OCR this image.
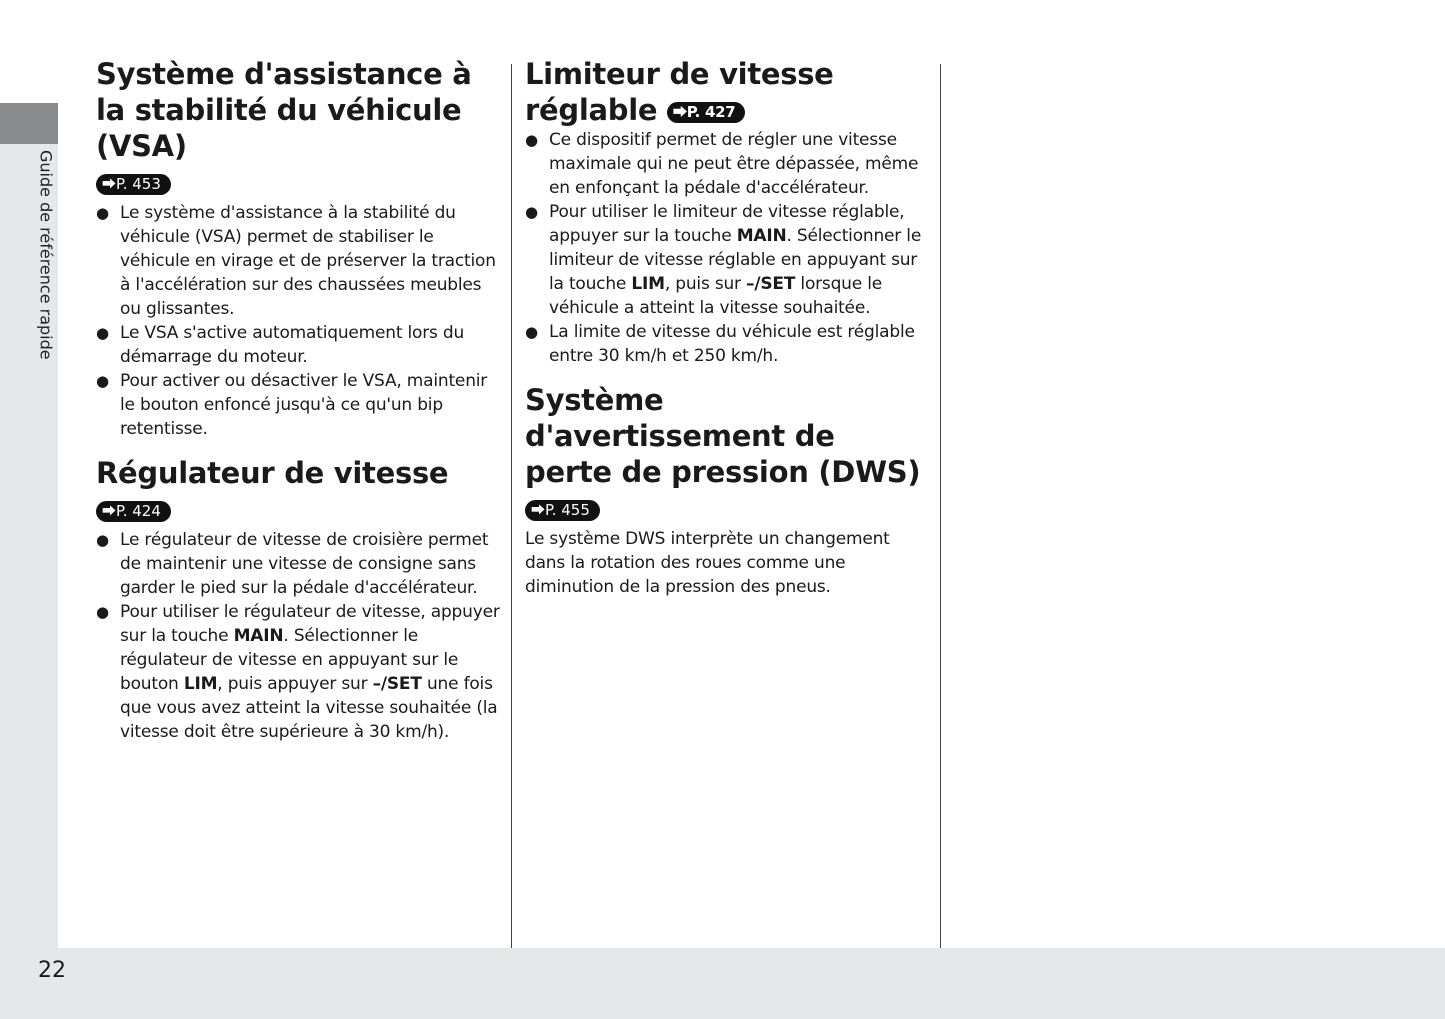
Guide de référence rapide
22
Système d'assistance à la stabilité du véhicule (VSA)
⮕P. 453
● Le système d'assistance à la stabilité du véhicule (VSA) permet de stabiliser le véhicule en virage et de préserver la traction à l'accélération sur des chaussées meubles ou glissantes.
● Le VSA s'active automatiquement lors du démarrage du moteur.
● Pour activer ou désactiver le VSA, maintenir le bouton enfoncé jusqu'à ce qu'un bip retentisse.
Régulateur de vitesse
⮕P. 424
● Le régulateur de vitesse de croisière permet de maintenir une vitesse de consigne sans garder le pied sur la pédale d'accélérateur.
● Pour utiliser le régulateur de vitesse, appuyer sur la touche MAIN. Sélectionner le régulateur de vitesse en appuyant sur le bouton LIM, puis appuyer sur –/SET une fois que vous avez atteint la vitesse souhaitée (la vitesse doit être supérieure à 30 km/h).
Limiteur de vitesse réglable ⮕P. 427
● Ce dispositif permet de régler une vitesse maximale qui ne peut être dépassée, même en enfonçant la pédale d'accélérateur.
● Pour utiliser le limiteur de vitesse réglable, appuyer sur la touche MAIN. Sélectionner le limiteur de vitesse réglable en appuyant sur la touche LIM, puis sur –/SET lorsque le véhicule a atteint la vitesse souhaitée.
● La limite de vitesse du véhicule est réglable entre 30 km/h et 250 km/h.
Système d'avertissement de perte de pression (DWS)
⮕P. 455

Le système DWS interprète un changement dans la rotation des roues comme une diminution de la pression des pneus.
